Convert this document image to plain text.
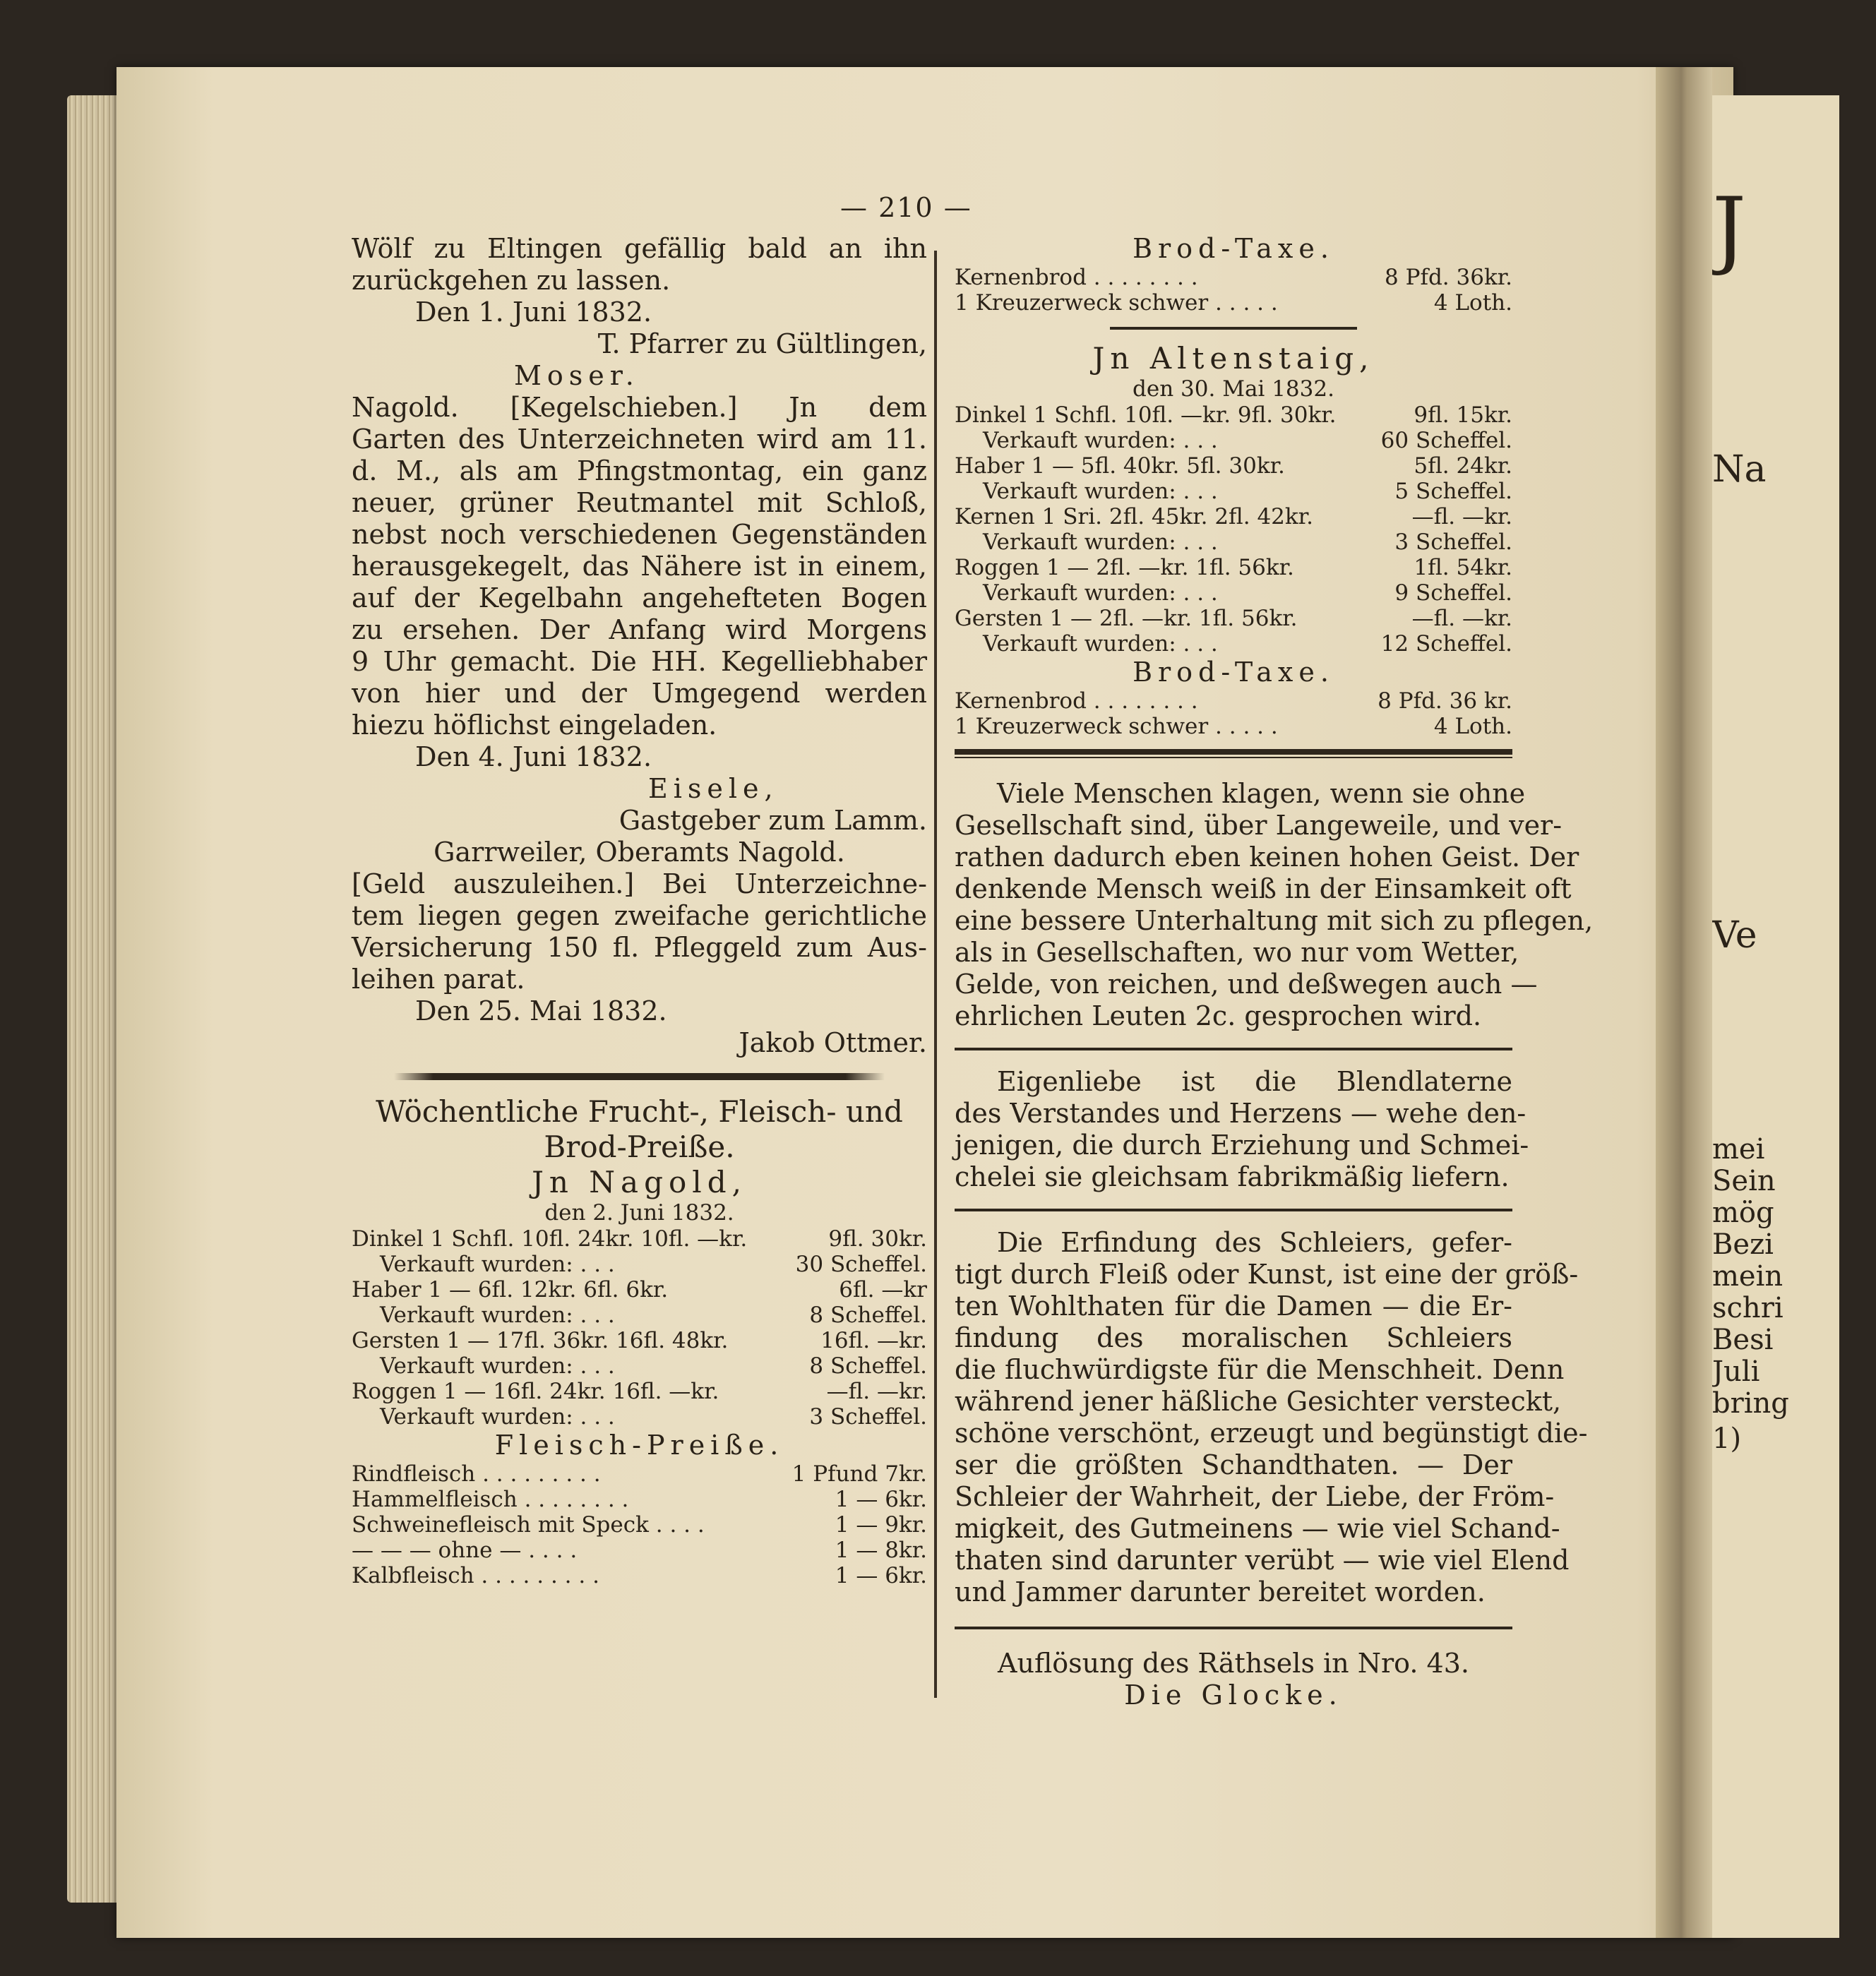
J
Na
Ve
mei
Sein
mög
Bezi
mein
schri
Besi
Juli
bring
1)
— 210 —
Wölf zu Eltingen gefällig bald an ihn
zurückgehen zu lassen.
Den 1. Juni 1832.
T. Pfarrer zu Gültlingen,
Moser.
Nagold. [Kegelschieben.] Jn dem
Garten des Unterzeichneten wird am 11.
d. M., als am Pfingstmontag, ein ganz
neuer, grüner Reutmantel mit Schloß,
nebst noch verschiedenen Gegenständen
herausgekegelt, das Nähere ist in einem,
auf der Kegelbahn angehefteten Bogen
zu ersehen. Der Anfang wird Morgens
9 Uhr gemacht. Die HH. Kegelliebhaber
von hier und der Umgegend werden
hiezu höflichst eingeladen.
Den 4. Juni 1832.
Eisele,
Gastgeber zum Lamm.
Garrweiler, Oberamts Nagold.
[Geld auszuleihen.] Bei Unterzeichne-
tem liegen gegen zweifache gerichtliche
Versicherung 150 fl. Pfleggeld zum Aus-
leihen parat.
Den 25. Mai 1832.
Jakob Ottmer.
Wöchentliche Frucht-, Fleisch- und
Brod-Preiße.
Jn Nagold,
den 2. Juni 1832.
Dinkel 1 Schfl. 10fl. 24kr. 10fl. —kr.	9fl. 30kr.
Verkauft wurden: . . .	30 Scheffel.
Haber 1 — 6fl. 12kr. 6fl. 6kr.	6fl. —kr
Verkauft wurden: . . .	8 Scheffel.
Gersten 1 — 17fl. 36kr. 16fl. 48kr.	16fl. —kr.
Verkauft wurden: . . .	8 Scheffel.
Roggen 1 — 16fl. 24kr. 16fl. —kr.	—fl. —kr.
Verkauft wurden: . . .	3 Scheffel.
Fleisch-Preiße.
Rindfleisch . . . . . . . . .	1 Pfund 7kr.
Hammelfleisch . . . . . . . .	1 — 6kr.
Schweinefleisch mit Speck . . . .	1 — 9kr.
— — — ohne — . . . .	1 — 8kr.
Kalbfleisch . . . . . . . . .	1 — 6kr.
Brod-Taxe.
Kernenbrod . . . . . . . .	8 Pfd. 36kr.
1 Kreuzerweck schwer . . . . .	4 Loth.
Jn Altenstaig,
den 30. Mai 1832.
Dinkel 1 Schfl. 10fl. —kr. 9fl. 30kr.	9fl. 15kr.
Verkauft wurden: . . .	60 Scheffel.
Haber 1 — 5fl. 40kr. 5fl. 30kr.	5fl. 24kr.
Verkauft wurden: . . .	5 Scheffel.
Kernen 1 Sri. 2fl. 45kr. 2fl. 42kr.	—fl. —kr.
Verkauft wurden: . . .	3 Scheffel.
Roggen 1 — 2fl. —kr. 1fl. 56kr.	1fl. 54kr.
Verkauft wurden: . . .	9 Scheffel.
Gersten 1 — 2fl. —kr. 1fl. 56kr.	—fl. —kr.
Verkauft wurden: . . .	12 Scheffel.
Brod-Taxe.
Kernenbrod . . . . . . . .	8 Pfd. 36 kr.
1 Kreuzerweck schwer . . . . .	4 Loth.
Viele Menschen klagen, wenn sie ohne
Gesellschaft sind, über Langeweile, und ver-
rathen dadurch eben keinen hohen Geist. Der
denkende Mensch weiß in der Einsamkeit oft
eine bessere Unterhaltung mit sich zu pflegen,
als in Gesellschaften, wo nur vom Wetter,
Gelde, von reichen, und deßwegen auch —
ehrlichen Leuten 2c. gesprochen wird.
Eigenliebe ist die Blendlaterne
des Verstandes und Herzens — wehe den-
jenigen, die durch Erziehung und Schmei-
chelei sie gleichsam fabrikmäßig liefern.
Die Erfindung des Schleiers, gefer-
tigt durch Fleiß oder Kunst, ist eine der größ-
ten Wohlthaten für die Damen — die Er-
findung des moralischen Schleiers
die fluchwürdigste für die Menschheit. Denn
während jener häßliche Gesichter versteckt,
schöne verschönt, erzeugt und begünstigt die-
ser die größten Schandthaten. — Der
Schleier der Wahrheit, der Liebe, der Fröm-
migkeit, des Gutmeinens — wie viel Schand-
thaten sind darunter verübt — wie viel Elend
und Jammer darunter bereitet worden.
Auflösung des Räthsels in Nro. 43.
Die Glocke.
